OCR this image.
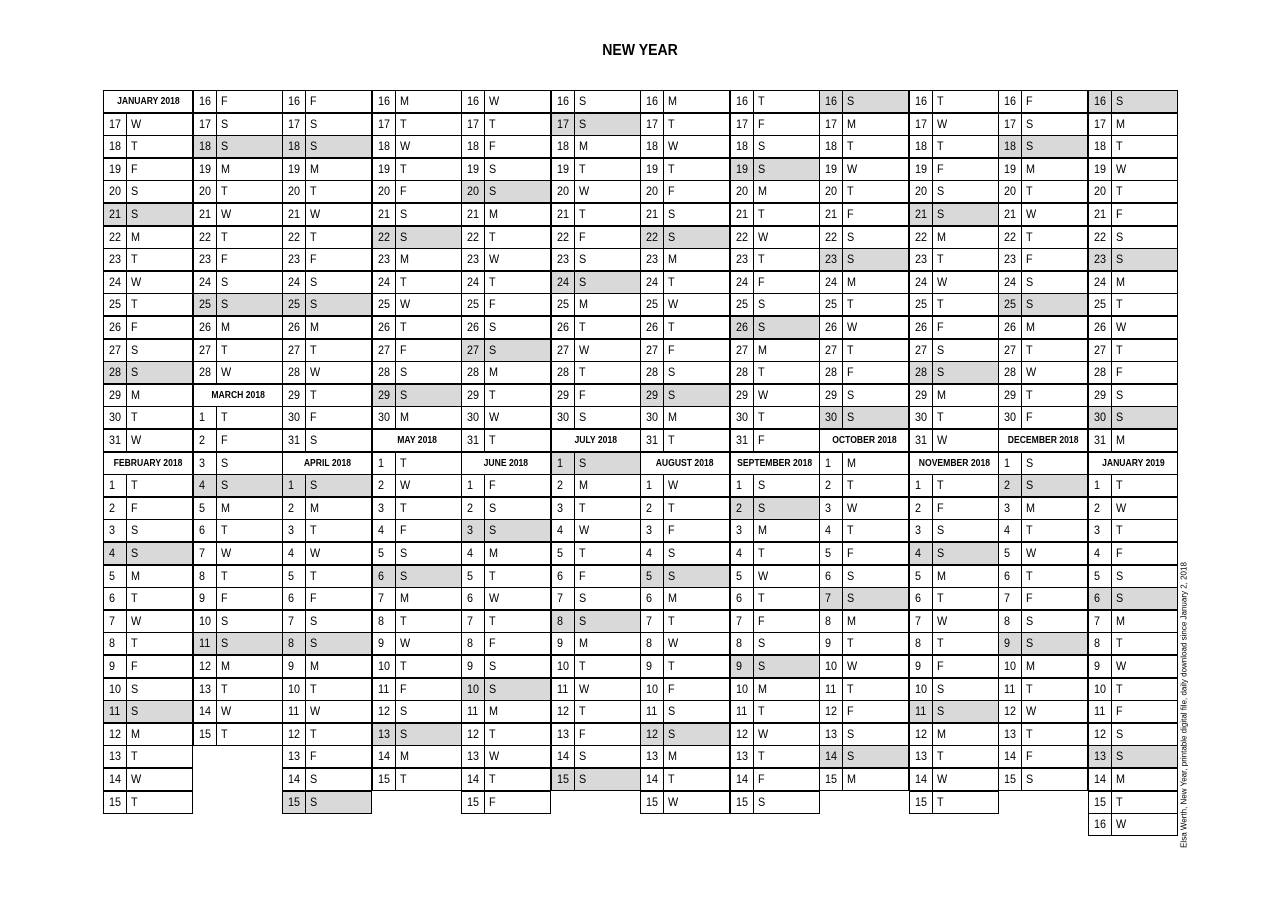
NEW YEAR
JANUARY 2018
17 W
18 T
19 F
20 S
21 S
22 M
23 T
24 W
25 T
26 F
27 S
28 S
29 M
30 T
31 W
FEBRUARY 2018
1 T
2 F
3 S
4 S
5 M
6 T
7 W
8 T
9 F
10 S
11 S
12 M
13 T
14 W
15 T
16 F
17 S
18 S
19 M
20 T
21 W
22 T
23 F
24 S
25 S
26 M
27 T
28 W
MARCH 2018
1 T
2 F
3 S
4 S
5 M
6 T
7 W
8 T
9 F
10 S
11 S
12 M
13 T
14 W
15 T
16 F
17 S
18 S
19 M
20 T
21 W
22 T
23 F
24 S
25 S
26 M
27 T
28 W
29 T
30 F
31 S
APRIL 2018
1 S
2 M
3 T
4 W
5 T
6 F
7 S
8 S
9 M
10 T
11 W
12 T
13 F
14 S
15 S
16 M
17 T
18 W
19 T
20 F
21 S
22 S
23 M
24 T
25 W
26 T
27 F
28 S
29 S
30 M
MAY 2018
1 T
2 W
3 T
4 F
5 S
6 S
7 M
8 T
9 W
10 T
11 F
12 S
13 S
14 M
15 T
16 W
17 T
18 F
19 S
20 S
21 M
22 T
23 W
24 T
25 F
26 S
27 S
28 M
29 T
30 W
31 T
JUNE 2018
1 F
2 S
3 S
4 M
5 T
6 W
7 T
8 F
9 S
10 S
11 M
12 T
13 W
14 T
15 F
16 S
17 S
18 M
19 T
20 W
21 T
22 F
23 S
24 S
25 M
26 T
27 W
28 T
29 F
30 S
JULY 2018
1 S
2 M
3 T
4 W
5 T
6 F
7 S
8 S
9 M
10 T
11 W
12 T
13 F
14 S
15 S
16 M
17 T
18 W
19 T
20 F
21 S
22 S
23 M
24 T
25 W
26 T
27 F
28 S
29 S
30 M
31 T
AUGUST 2018
1 W
2 T
3 F
4 S
5 S
6 M
7 T
8 W
9 T
10 F
11 S
12 S
13 M
14 T
15 W
16 T
17 F
18 S
19 S
20 M
21 T
22 W
23 T
24 F
25 S
26 S
27 M
28 T
29 W
30 T
31 F
SEPTEMBER 2018
1 S
2 S
3 M
4 T
5 W
6 T
7 F
8 S
9 S
10 M
11 T
12 W
13 T
14 F
15 S
16 S
17 M
18 T
19 W
20 T
21 F
22 S
23 S
24 M
25 T
26 W
27 T
28 F
29 S
30 S
OCTOBER 2018
1 M
2 T
3 W
4 T
5 F
6 S
7 S
8 M
9 T
10 W
11 T
12 F
13 S
14 S
15 M
16 T
17 W
18 T
19 F
20 S
21 S
22 M
23 T
24 W
25 T
26 F
27 S
28 S
29 M
30 T
31 W
NOVEMBER 2018
1 T
2 F
3 S
4 S
5 M
6 T
7 W
8 T
9 F
10 S
11 S
12 M
13 T
14 W
15 T
16 F
17 S
18 S
19 M
20 T
21 W
22 T
23 F
24 S
25 S
26 M
27 T
28 W
29 T
30 F
DECEMBER 2018
1 S
2 S
3 M
4 T
5 W
6 T
7 F
8 S
9 S
10 M
11 T
12 W
13 T
14 F
15 S
16 S
17 M
18 T
19 W
20 T
21 F
22 S
23 S
24 M
25 T
26 W
27 T
28 F
29 S
30 S
31 M
JANUARY 2019
1 T
2 W
3 T
4 F
5 S
6 S
7 M
8 T
9 W
10 T
11 F
12 S
13 S
14 M
15 T
16 W	Elsa Werth, New Year, printable digital file, daily download since January 2, 2018
